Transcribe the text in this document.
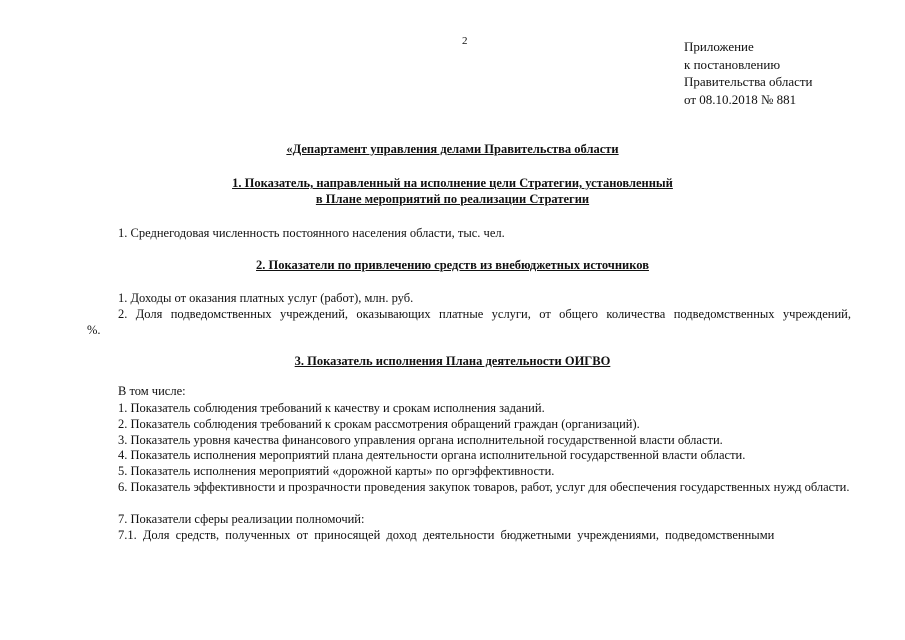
2	Приложение
к постановлению
Правительства области
от 08.10.2018 № 881
«Департамент управления делами Правительства области
1. Показатель, направленный на исполнение цели Стратегии, установленный
в Плане мероприятий по реализации Стратегии
1. Среднегодовая численность постоянного населения области, тыс. чел.
2. Показатели по привлечению средств из внебюджетных источников
1. Доходы от оказания платных услуг (работ), млн. руб.
2. Доля подведомственных учреждений, оказывающих платные услуги, от общего количества подведомственных учреждений, %.
3. Показатель исполнения Плана деятельности ОИГВО
В том числе:
1. Показатель соблюдения требований к качеству и срокам исполнения заданий.
2. Показатель соблюдения требований к срокам рассмотрения обращений граждан (организаций).
3. Показатель уровня качества финансового управления органа исполнительной государственной власти области.
4. Показатель исполнения мероприятий плана деятельности органа исполнительной государственной власти области.
5. Показатель исполнения мероприятий «дорожной карты» по оргэффективности.
6. Показатель эффективности и прозрачности проведения закупок товаров, работ, услуг для обеспечения государственных нужд области.
7. Показатели сферы реализации полномочий:
7.1. Доля средств, полученных от приносящей доход деятельности бюджетными учреждениями, подведомственными
